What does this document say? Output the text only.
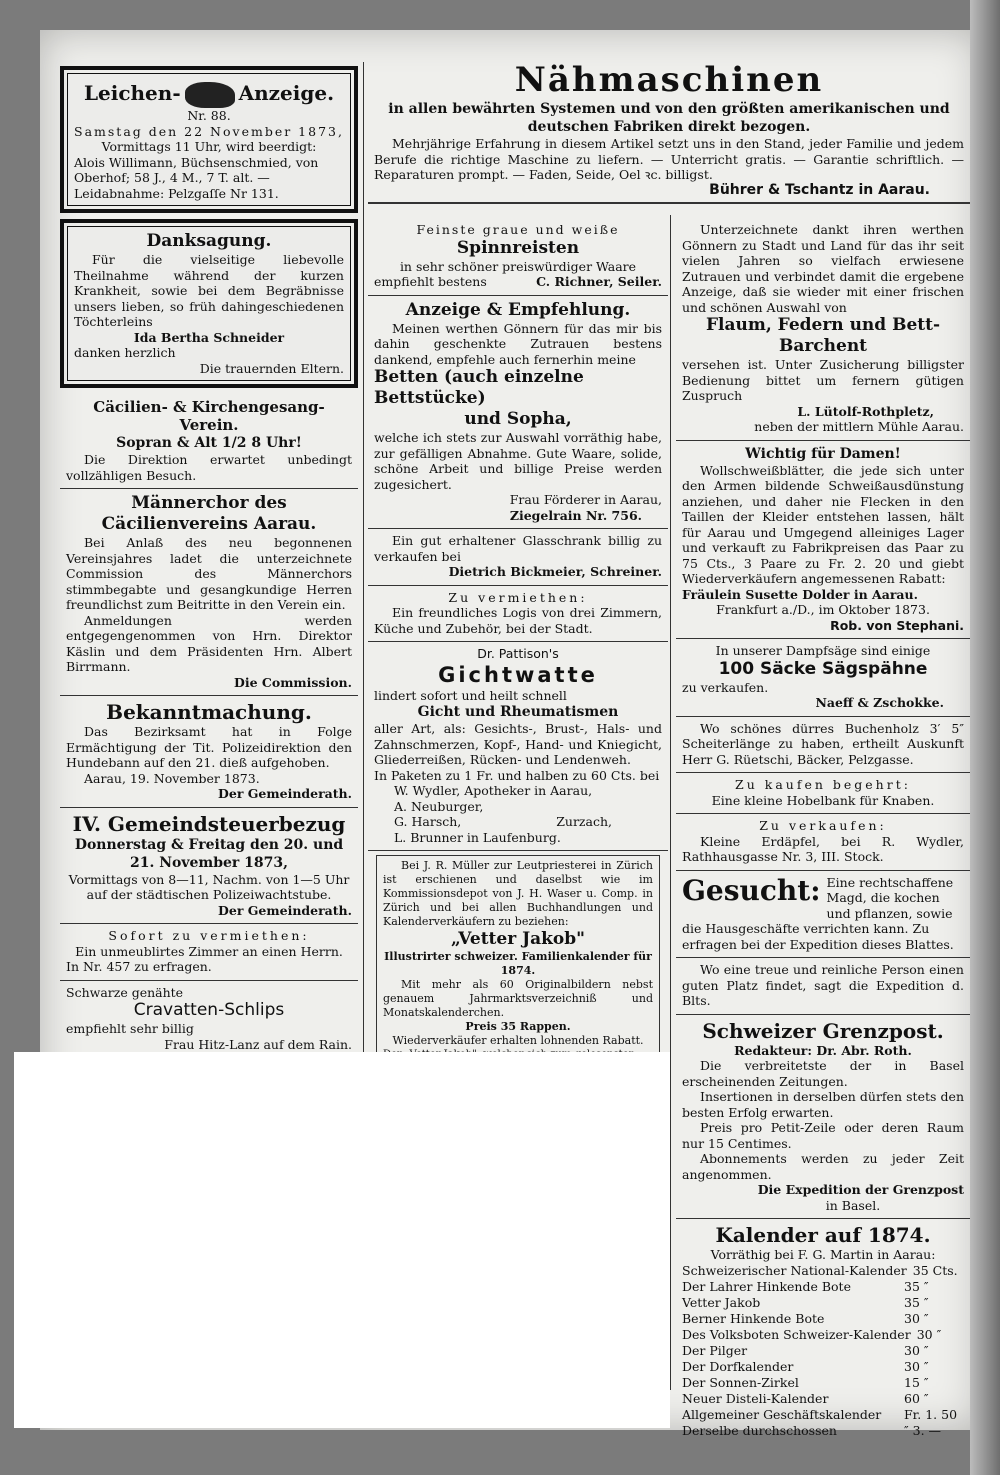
Leichen-	Anzeige.
Nr. 88.
Samstag den 22 November 1873,
Vormittags 11 Uhr, wird beerdigt:
Alois Willimann, Büchsenschmied, von
Oberhof; 58 J., 4 M., 7 T. alt. —
Leidabnahme: Pelzgaſſe Nr 131.
Danksagung.
Für die vielseitige liebevolle Theilnahme während der kurzen Krankheit, sowie bei dem Begräbnisse unsers lieben, so früh dahingeschiedenen Töchterleins
Ida Bertha Schneider
danken herzlich
Die trauernden Eltern.
Cäcilien- & Kirchengesang-Verein.
Sopran & Alt 1/2 8 Uhr!
Die Direktion erwartet unbedingt vollzähligen Besuch.
Männerchor des Cäcilienvereins Aarau.
Bei Anlaß des neu begonnenen Vereinsjahres ladet die unterzeichnete Commission des Männerchors stimmbegabte und gesangkundige Herren freundlichst zum Beitritte in den Verein ein.
Anmeldungen werden entgegengenommen von Hrn. Direktor Käslin und dem Präsidenten Hrn. Albert Birrmann.
Die Commission.
Bekanntmachung.
Das Bezirksamt hat in Folge Ermächtigung der Tit. Polizeidirektion den Hundebann auf den 21. dieß aufgehoben.
Aarau, 19. November 1873.
Der Gemeinderath.
IV. Gemeindsteuerbezug
Donnerstag & Freitag den 20. und 21. November 1873,
Vormittags von 8—11, Nachm. von 1—5 Uhr auf der städtischen Polizeiwachtstube.
Der Gemeinderath.
Sofort zu vermiethen:
Ein unmeublirtes Zimmer an einen Herrn.
In Nr. 457 zu erfragen.
Schwarze genähte
Cravatten-Schlips
empfiehlt sehr billig
Frau Hitz-Lanz auf dem Rain.
Nähmaschinen
in allen bewährten Systemen und von den größten amerikanischen und deutschen Fabriken direkt bezogen.
Mehrjährige Erfahrung in diesem Artikel setzt uns in den Stand, jeder Familie und jedem Berufe die richtige Maschine zu liefern. — Unterricht gratis. — Garantie schriftlich. — Reparaturen prompt. — Faden, Seide, Oel ꝛc. billigst.
Bührer & Tschantz in Aarau.
Feinste graue und weiße
Spinnreisten
in sehr schöner preiswürdiger Waare
empfiehlt bestens	C. Richner, Seiler.
Anzeige & Empfehlung.
Meinen werthen Gönnern für das mir bis dahin geschenkte Zutrauen bestens dankend, empfehle auch fernerhin meine
Betten (auch einzelne Bettstücke)
und Sopha,
welche ich stets zur Auswahl vorräthig habe, zur gefälligen Abnahme. Gute Waare, solide, schöne Arbeit und billige Preise werden zugesichert.
Frau Förderer in Aarau,
Ziegelrain Nr. 756.
Ein gut erhaltener Glasschrank billig zu verkaufen bei
Dietrich Bickmeier, Schreiner.
Zu vermiethen:
Ein freundliches Logis von drei Zimmern, Küche und Zubehör, bei der Stadt.
Dr. Pattison's
Gichtwatte
lindert sofort und heilt schnell
Gicht und Rheumatismen
aller Art, als: Gesichts-, Brust-, Hals- und Zahnschmerzen, Kopf-, Hand- und Kniegicht, Gliederreißen, Rücken- und Lendenweh.
In Paketen zu 1 Fr. und halben zu 60 Cts. bei
W. Wydler, Apotheker in Aarau,
A. Neuburger,
G. Harsch,	Zurzach,
L. Brunner in Laufenburg.
Bei J. R. Müller zur Leutpriesterei in Zürich ist erschienen und daselbst wie im Kommissionsdepot von J. H. Waser u. Comp. in Zürich und bei allen Buchhandlungen und Kalenderverkäufern zu beziehen:
„Vetter Jakob"
Illustrirter schweizer. Familienkalender für 1874.
Mit mehr als 60 Originalbildern nebst genauem Jahrmarktsverzeichniß und Monatskalenderchen.
Preis 35 Rappen.
Wiederverkäufer erhalten lohnenden Rabatt.
Unterzeichnete dankt ihren werthen Gönnern zu Stadt und Land für das ihr seit vielen Jahren so vielfach erwiesene Zutrauen und verbindet damit die ergebene Anzeige, daß sie wieder mit einer frischen und schönen Auswahl von
Flaum, Federn und Bett-Barchent
versehen ist. Unter Zusicherung billigster Bedienung bittet um fernern gütigen Zuspruch
L. Lütolf-Rothpletz,
neben der mittlern Mühle Aarau.
Wichtig für Damen!
Wollschweißblätter, die jede sich unter den Armen bildende Schweißausdünstung anziehen, und daher nie Flecken in den Taillen der Kleider entstehen lassen, hält für Aarau und Umgegend alleiniges Lager und verkauft zu Fabrikpreisen das Paar zu 75 Cts., 3 Paare zu Fr. 2. 20 und giebt Wiederverkäufern angemessenen Rabatt:
Fräulein Susette Dolder in Aarau.
Frankfurt a./D., im Oktober 1873.
Rob. von Stephani.
In unserer Dampfsäge sind einige
100 Säcke Sägspähne
zu verkaufen.
Naeff & Zschokke.
Wo schönes dürres Buchenholz 3′ 5″ Scheiterlänge zu haben, ertheilt Auskunft Herr G. Rüetschi, Bäcker, Pelzgasse.
Zu kaufen begehrt:
Eine kleine Hobelbank für Knaben.
Zu verkaufen:
Kleine Erdäpfel, bei R. Wydler, Rathhausgasse Nr. 3, III. Stock.
Gesucht: Eine rechtschaffene Magd, die kochen und pflanzen, sowie die Hausgeschäfte verrichten kann. Zu erfragen bei der Expedition dieses Blattes.
Wo eine treue und reinliche Person einen guten Platz findet, sagt die Expedition d. Blts.
Schweizer Grenzpost.
Redakteur: Dr. Abr. Roth.
Die verbreitetste der in Basel erscheinenden Zeitungen.
Insertionen in derselben dürfen stets den besten Erfolg erwarten.
Preis pro Petit-Zeile oder deren Raum nur 15 Centimes.
Abonnements werden zu jeder Zeit angenommen.
Die Expedition der Grenzpost
in Basel.
Kalender auf 1874.
Vorräthig bei F. G. Martin in Aarau:
Schweizerischer National-Kalender 35 Cts.
Der Lahrer Hinkende Bote	35 ″
Vetter Jakob	35 ″
Berner Hinkende Bote	30 ″
Des Volksboten Schweizer-Kalender 30 ″
Der Pilger	30 ″
Der Dorfkalender	30 ″
Der Sonnen-Zirkel	15 ″
Neuer Disteli-Kalender	60 ″
Allgemeiner Geschäftskalender	Fr. 1. 50
Derselbe durchschossen	″ 3. —
